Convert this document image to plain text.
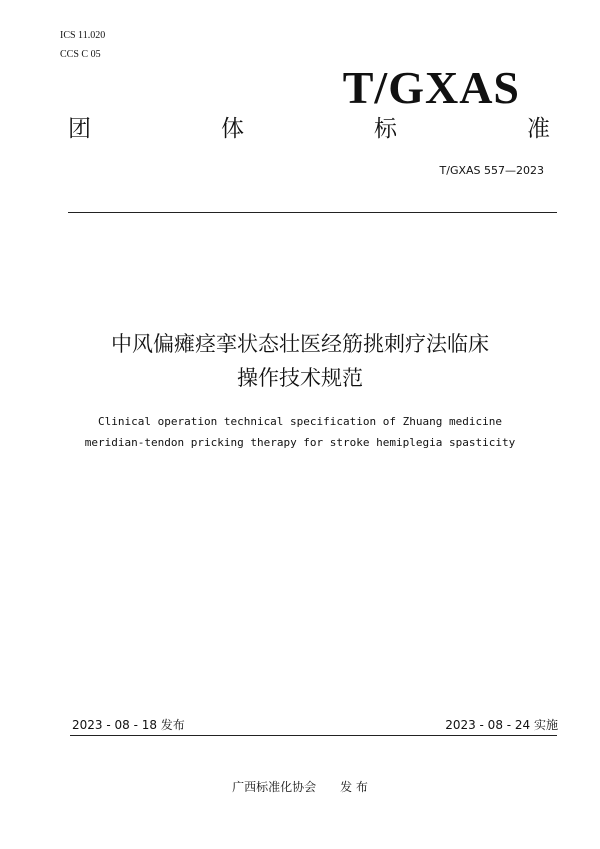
ICS 11.020
CCS C 05
T/GXAS
团	体	标	准
T/GXAS 557—2023
中风偏瘫痉挛状态壮医经筋挑刺疗法临床
操作技术规范
Clinical operation technical specification of Zhuang medicine
meridian-tendon pricking therapy for stroke hemiplegia spasticity
2023 - 08 - 18 发布	2023 - 08 - 24 实施
广西标准化协会 发 布
